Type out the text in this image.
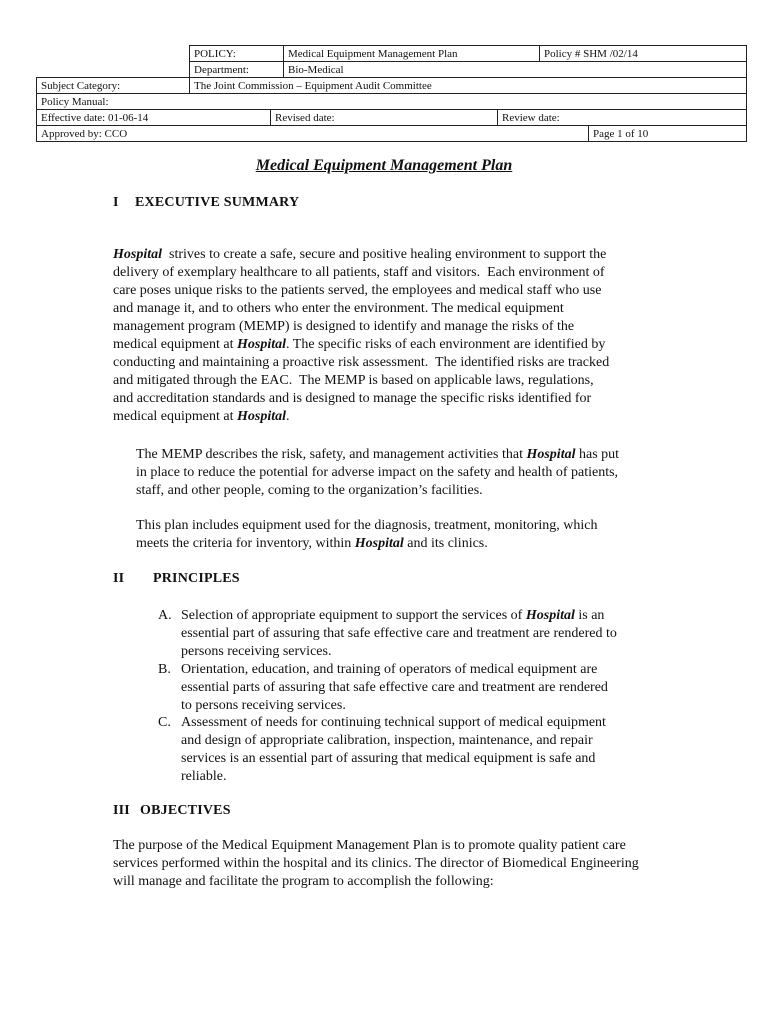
POLICY:	Medical Equipment Management Plan	Policy # SHM /02/14
Department:	Bio-Medical
Subject Category:	The Joint Commission – Equipment Audit Committee
Policy Manual:
Effective date: 01-06-14	Revised date:	Review date:
Approved by: CCO	Page 1 of 10
Medical Equipment Management Plan
I EXECUTIVE SUMMARY
Hospital  strives to create a safe, secure and positive healing environment to support the
delivery of exemplary healthcare to all patients, staff and visitors.  Each environment of
care poses unique risks to the patients served, the employees and medical staff who use
and manage it, and to others who enter the environment. The medical equipment
management program (MEMP) is designed to identify and manage the risks of the
medical equipment at Hospital. The specific risks of each environment are identified by
conducting and maintaining a proactive risk assessment.  The identified risks are tracked
and mitigated through the EAC.  The MEMP is based on applicable laws, regulations,
and accreditation standards and is designed to manage the specific risks identified for
medical equipment at Hospital.
The MEMP describes the risk, safety, and management activities that Hospital has put
in place to reduce the potential for adverse impact on the safety and health of patients,
staff, and other people, coming to the organization’s facilities.
This plan includes equipment used for the diagnosis, treatment, monitoring, which
meets the criteria for inventory, within Hospital and its clinics.
II PRINCIPLES
A. Selection of appropriate equipment to support the services of Hospital is an
essential part of assuring that safe effective care and treatment are rendered to
persons receiving services.
B. Orientation, education, and training of operators of medical equipment are
essential parts of assuring that safe effective care and treatment are rendered
to persons receiving services.
C. Assessment of needs for continuing technical support of medical equipment
and design of appropriate calibration, inspection, maintenance, and repair
services is an essential part of assuring that medical equipment is safe and
reliable.
III OBJECTIVES
The purpose of the Medical Equipment Management Plan is to promote quality patient care
services performed within the hospital and its clinics. The director of Biomedical Engineering
will manage and facilitate the program to accomplish the following:
